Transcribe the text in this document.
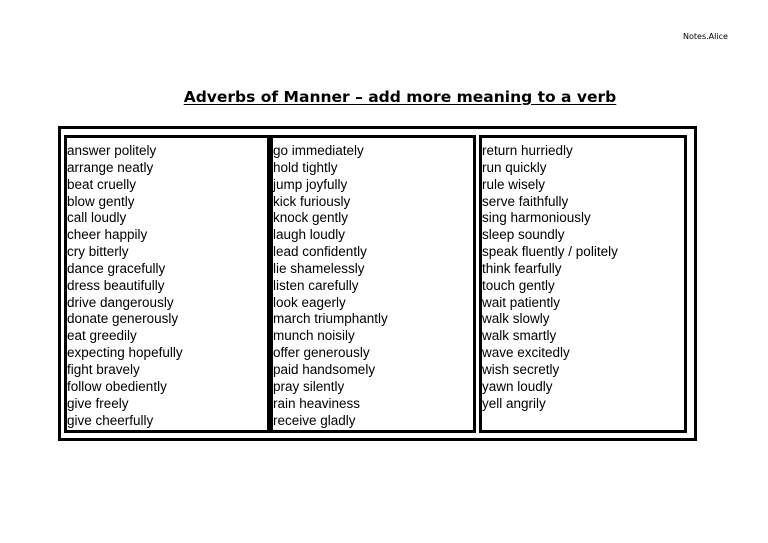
Notes.Alice
Adverbs of Manner – add more meaning to a verb
answer politely
arrange neatly
beat cruelly
blow gently
call loudly
cheer happily
cry bitterly
dance gracefully
dress beautifully
drive dangerously
donate generously
eat greedily
expecting hopefully
fight bravely
follow obediently
give freely
give cheerfully
go immediately
hold tightly
jump joyfully
kick furiously
knock gently
laugh loudly
lead confidently
lie shamelessly
listen carefully
look eagerly
march triumphantly
munch noisily
offer generously
paid handsomely
pray silently
rain heaviness
receive gladly
return hurriedly
run quickly
rule wisely
serve faithfully
sing harmoniously
sleep soundly
speak fluently / politely
think fearfully
touch gently
wait patiently
walk slowly
walk smartly
wave excitedly
wish secretly
yawn loudly
yell angrily
